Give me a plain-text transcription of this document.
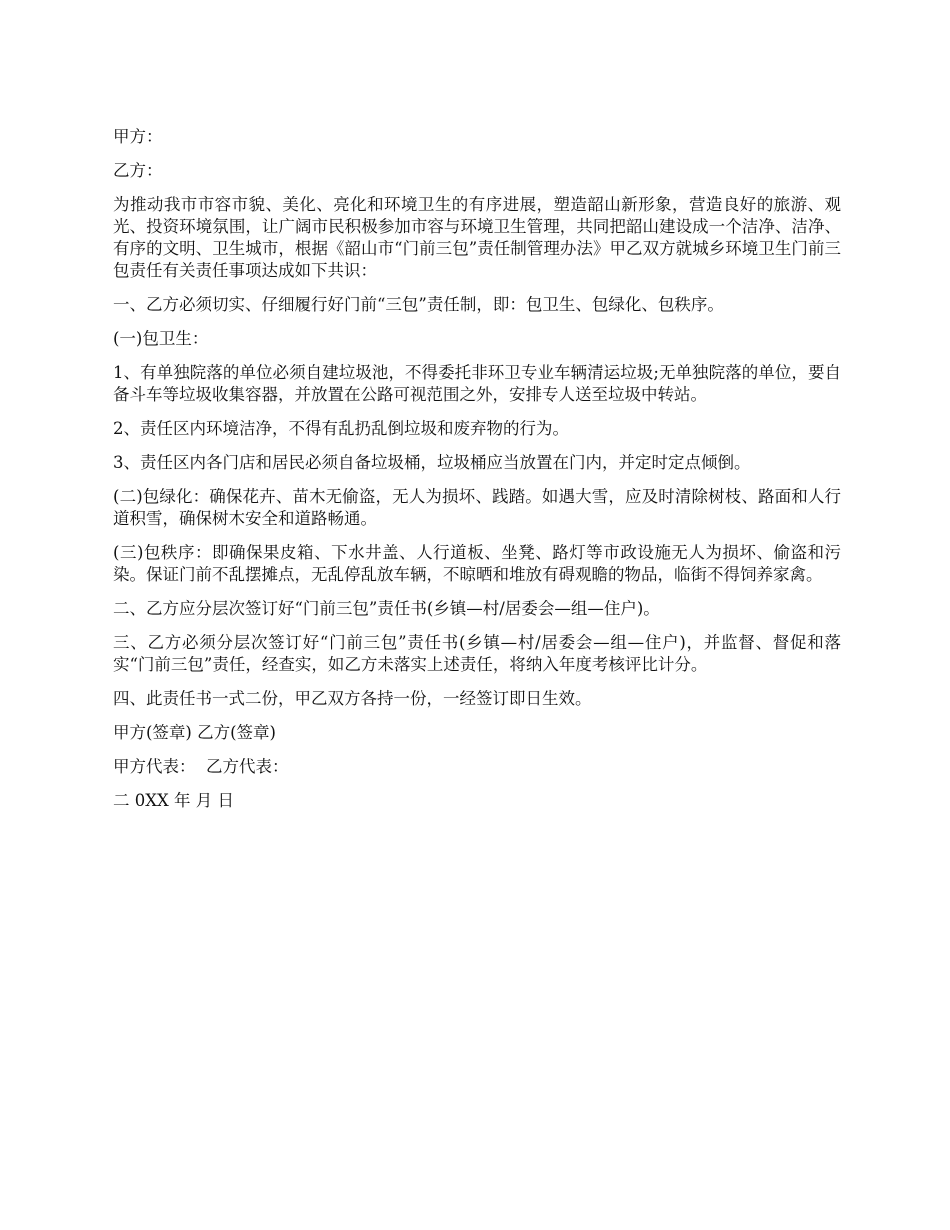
甲方：

乙方：

为推动我市市容市貌、美化、亮化和环境卫生的有序进展，塑造韶山新形象，营造良好的旅游、观光、投资环境氛围，让广阔市民积极参加市容与环境卫生管理，共同把韶山建设成一个洁净、洁净、有序的文明、卫生城市，根据《韶山市“门前三包”责任制管理办法》甲乙双方就城乡环境卫生门前三包责任有关责任事项达成如下共识：

一、乙方必须切实、仔细履行好门前“三包”责任制，即：包卫生、包绿化、包秩序。

(一)包卫生：

1、有单独院落的单位必须自建垃圾池，不得委托非环卫专业车辆清运垃圾;无单独院落的单位，要自备斗车等垃圾收集容器，并放置在公路可视范围之外，安排专人送至垃圾中转站。

2、责任区内环境洁净，不得有乱扔乱倒垃圾和废弃物的行为。

3、责任区内各门店和居民必须自备垃圾桶，垃圾桶应当放置在门内，并定时定点倾倒。

(二)包绿化：确保花卉、苗木无偷盗，无人为损坏、践踏。如遇大雪，应及时清除树枝、路面和人行道积雪，确保树木安全和道路畅通。

(三)包秩序：即确保果皮箱、下水井盖、人行道板、坐凳、路灯等市政设施无人为损坏、偷盗和污染。保证门前不乱摆摊点，无乱停乱放车辆，不晾晒和堆放有碍观瞻的物品，临街不得饲养家禽。

二、乙方应分层次签订好“门前三包”责任书(乡镇—村/居委会—组—住户)。

三、乙方必须分层次签订好“门前三包”责任书(乡镇—村/居委会—组—住户)，并监督、督促和落实“门前三包”责任，经查实，如乙方未落实上述责任，将纳入年度考核评比计分。

四、此责任书一式二份，甲乙双方各持一份，一经签订即日生效。

甲方(签章) 乙方(签章)

甲方代表：  乙方代表：

二 0XX 年 月 日
